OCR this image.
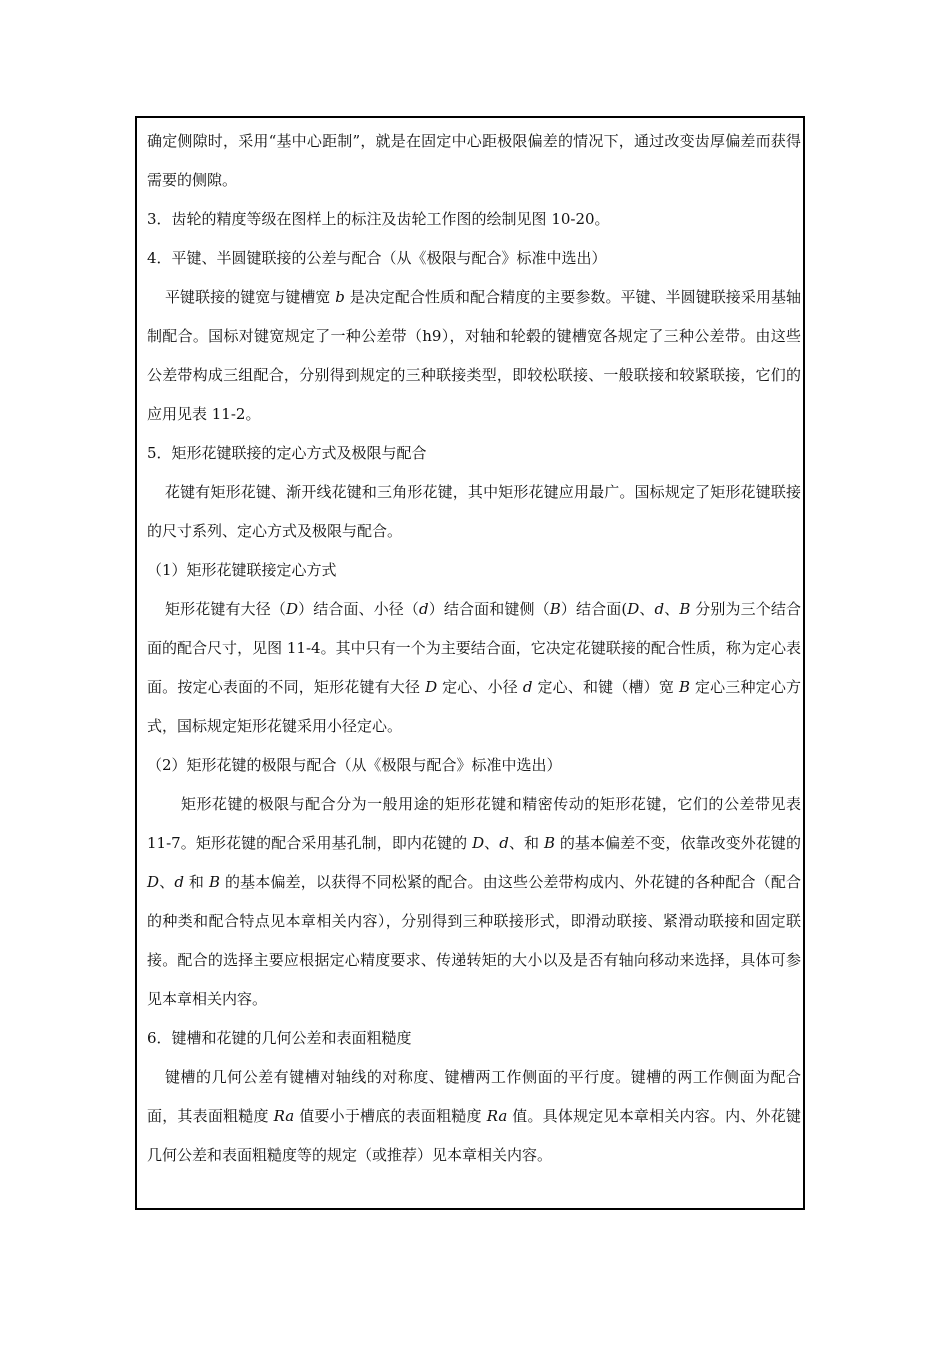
确定侧隙时，采用“基中心距制”，就是在固定中心距极限偏差的情况下，通过改变齿厚偏差而获得需要的侧隙。

3．齿轮的精度等级在图样上的标注及齿轮工作图的绘制见图 10-20。

4．平键、半圆键联接的公差与配合（从《极限与配合》标准中选出）

平键联接的键宽与键槽宽 b 是决定配合性质和配合精度的主要参数。平键、半圆键联接采用基轴制配合。国标对键宽规定了一种公差带（h9），对轴和轮毂的键槽宽各规定了三种公差带。由这些公差带构成三组配合，分别得到规定的三种联接类型，即较松联接、一般联接和较紧联接，它们的应用见表 11-2。

5．矩形花键联接的定心方式及极限与配合

花键有矩形花键、渐开线花键和三角形花键，其中矩形花键应用最广。国标规定了矩形花键联接的尺寸系列、定心方式及极限与配合。

（1）矩形花键联接定心方式

矩形花键有大径（D）结合面、小径（d）结合面和键侧（B）结合面(D、d、B 分别为三个结合面的配合尺寸，见图 11-4。其中只有一个为主要结合面，它决定花键联接的配合性质，称为定心表面。按定心表面的不同，矩形花键有大径 D 定心、小径 d 定心、和键（槽）宽 B 定心三种定心方式，国标规定矩形花键采用小径定心。

（2）矩形花键的极限与配合（从《极限与配合》标准中选出）

矩形花键的极限与配合分为一般用途的矩形花键和精密传动的矩形花键，它们的公差带见表 11-7。矩形花键的配合采用基孔制，即内花键的 D、d、和 B 的基本偏差不变，依靠改变外花键的 D、d 和 B 的基本偏差，以获得不同松紧的配合。由这些公差带构成内、外花键的各种配合（配合的种类和配合特点见本章相关内容），分别得到三种联接形式，即滑动联接、紧滑动联接和固定联接。配合的选择主要应根据定心精度要求、传递转矩的大小以及是否有轴向移动来选择，具体可参见本章相关内容。

6．键槽和花键的几何公差和表面粗糙度

键槽的几何公差有键槽对轴线的对称度、键槽两工作侧面的平行度。键槽的两工作侧面为配合面，其表面粗糙度 Ra 值要小于槽底的表面粗糙度 Ra 值。具体规定见本章相关内容。内、外花键几何公差和表面粗糙度等的规定（或推荐）见本章相关内容。
